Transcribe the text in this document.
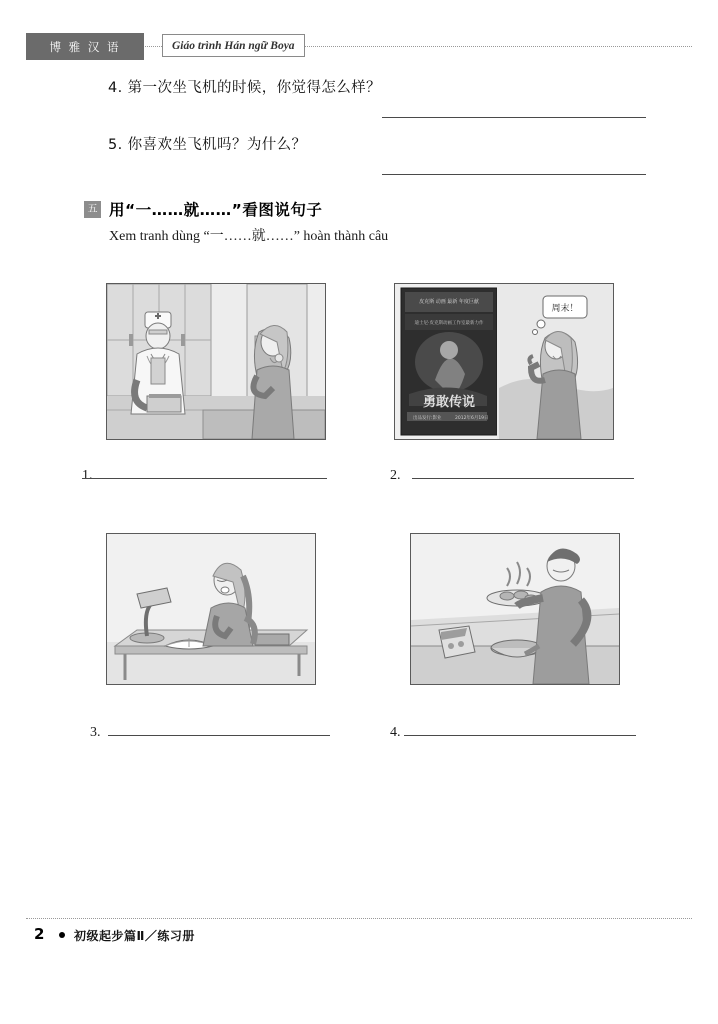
博 雅 汉 语	Giáo trình Hán ngữ Boya
4. 第一次坐飞机的时候，你觉得怎么样？
5. 你喜欢坐飞机吗？为什么？
五 用“一……就……”看图说句子
Xem tranh dùng “一……就……” hoàn thành câu
皮克斯 动画 最新 年度巨献
迪士尼·皮克斯动画工作室最新力作
勇敢传说
出品发行:影业	2012年6月19日
周末！
1.	2.
3.	4.
2 初级起步篇Ⅱ／练习册
